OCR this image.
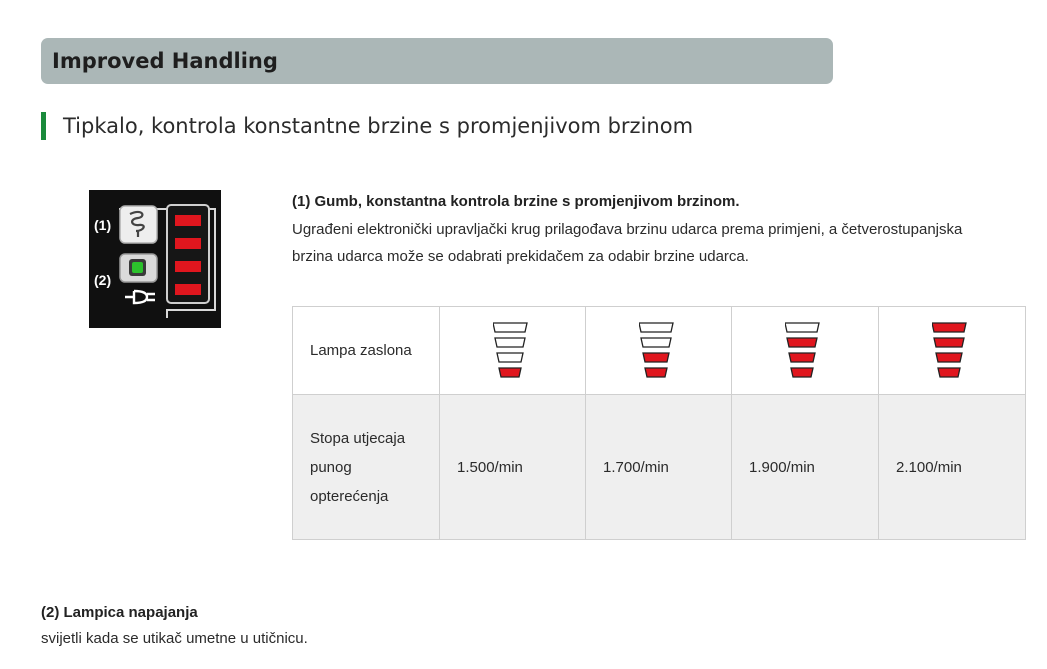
Improved Handling
Tipkalo, kontrola konstantne brzine s promjenjivom brzinom
(1)
(2)
(1) Gumb, konstantna kontrola brzine s promjenjivom brzinom.
Ugrađeni elektronički upravljački krug prilagođava brzinu udarca prema primjeni, a četverostupanjska
brzina udarca može se odabrati prekidačem za odabir brzine udarca.
Lampa zaslona	

Stopa utjecaja
punog
opterećenja	1.500/min	1.700/min	1.900/min	2.100/min
(2) Lampica napajanja
svijetli kada se utikač umetne u utičnicu.
